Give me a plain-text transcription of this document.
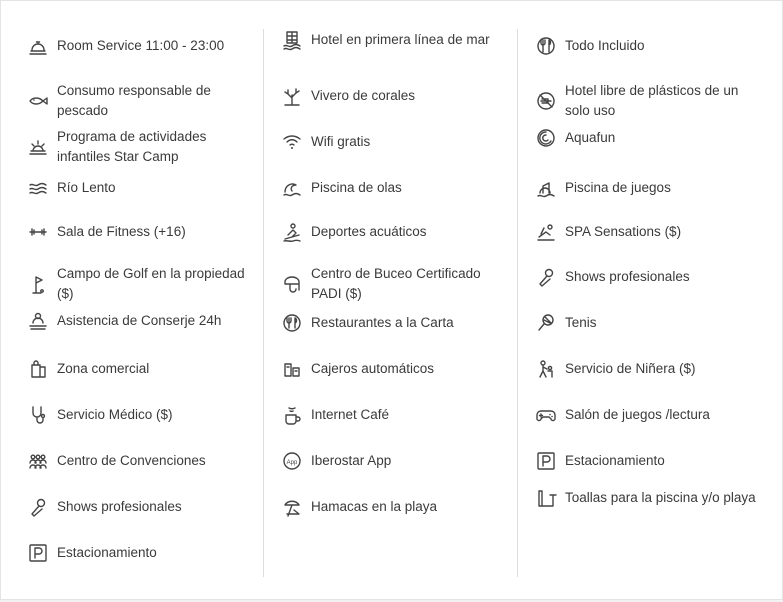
Room Service 11:00 - 23:00
Consumo responsable de pescado
Programa de actividades infantiles Star Camp
Río Lento
Sala de Fitness (+16)
Campo de Golf en la propiedad ($)
Asistencia de Conserje 24h
Zona comercial
Servicio Médico ($)
Centro de Convenciones
Shows profesionales
Estacionamiento
Hotel en primera línea de mar
Vivero de corales
Wifi gratis
Piscina de olas
Deportes acuáticos
Centro de Buceo Certificado PADI ($)
Restaurantes a la Carta
Cajeros automáticos
Internet Café
App Iberostar App
Hamacas en la playa
Todo Incluido
Hotel libre de plásticos de un solo uso
Aquafun
Piscina de juegos
SPA Sensations ($)
Shows profesionales
Tenis
Servicio de Niñera ($)
Salón de juegos /lectura
Estacionamiento
Toallas para la piscina y/o playa
